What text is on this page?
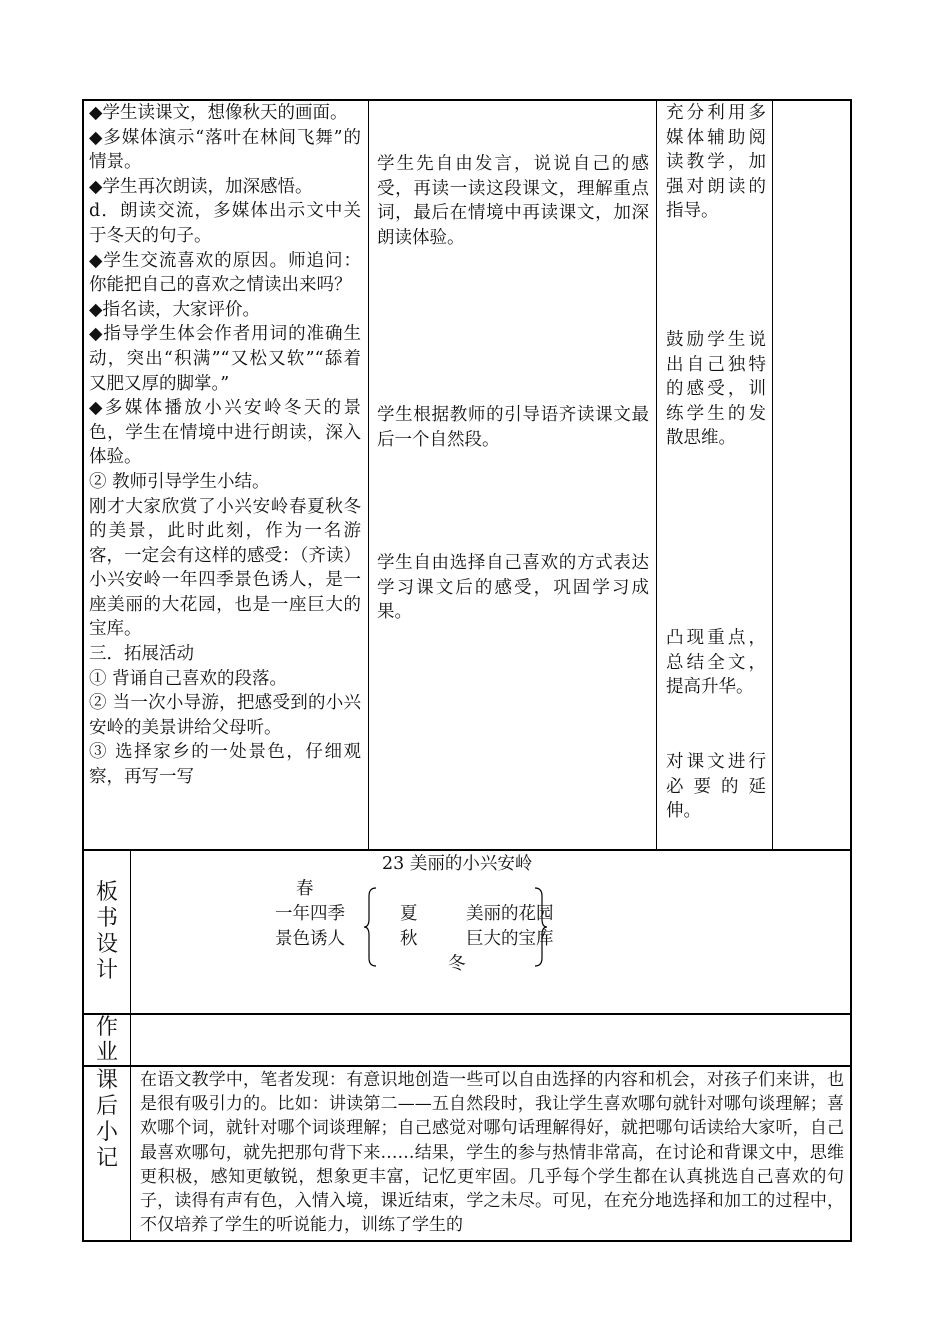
◆学生读课文，想像秋天的画面。

◆多媒体演示“落叶在林间飞舞”的情景。

◆学生再次朗读，加深感悟。

d．朗读交流，多媒体出示文中关于冬天的句子。

◆学生交流喜欢的原因。师追问：你能把自己的喜欢之情读出来吗？

◆指名读，大家评价。

◆指导学生体会作者用词的准确生动，突出“积满”“又松又软”“舔着又肥又厚的脚掌。”

◆多媒体播放小兴安岭冬天的景色，学生在情境中进行朗读，深入体验。

② 教师引导学生小结。

刚才大家欣赏了小兴安岭春夏秋冬的美景，此时此刻，作为一名游客，一定会有这样的感受：（齐读）小兴安岭一年四季景色诱人，是一座美丽的大花园，也是一座巨大的宝库。

三．拓展活动

① 背诵自己喜欢的段落。

② 当一次小导游，把感受到的小兴安岭的美景讲给父母听。

③ 选择家乡的一处景色，仔细观察，再写一写

学生先自由发言，说说自己的感受，再读一读这段课文，理解重点词，最后在情境中再读课文，加深朗读体验。
学生根据教师的引导语齐读课文最后一个自然段。
学生自由选择自己喜欢的方式表达学习课文后的感受，巩固学习成果。
充分利用多媒体辅助阅读教学，加强对朗读的指导。
鼓励学生说出自己独特的感受，训练学生的发散思维。
凸现重点，总结全文，提高升华。
对课文进行必要的延伸。
板书设计
23 美丽的小兴安岭
春
一年四季
景色诱人
夏
秋
冬
美丽的花园
巨大的宝库
作业
课后小记
在语文教学中，笔者发现：有意识地创造一些可以自由选择的内容和机会，对孩子们来讲，也是很有吸引力的。比如：讲读第二——五自然段时，我让学生喜欢哪句就针对哪句谈理解；喜欢哪个词，就针对哪个词谈理解；自己感觉对哪句话理解得好，就把哪句话读给大家听，自己最喜欢哪句，就先把那句背下来……结果，学生的参与热情非常高，在讨论和背课文中，思维更积极，感知更敏锐，想象更丰富，记忆更牢固。几乎每个学生都在认真挑选自己喜欢的句子，读得有声有色，入情入境，课近结束，学之未尽。可见，在充分地选择和加工的过程中，不仅培养了学生的听说能力，训练了学生的
